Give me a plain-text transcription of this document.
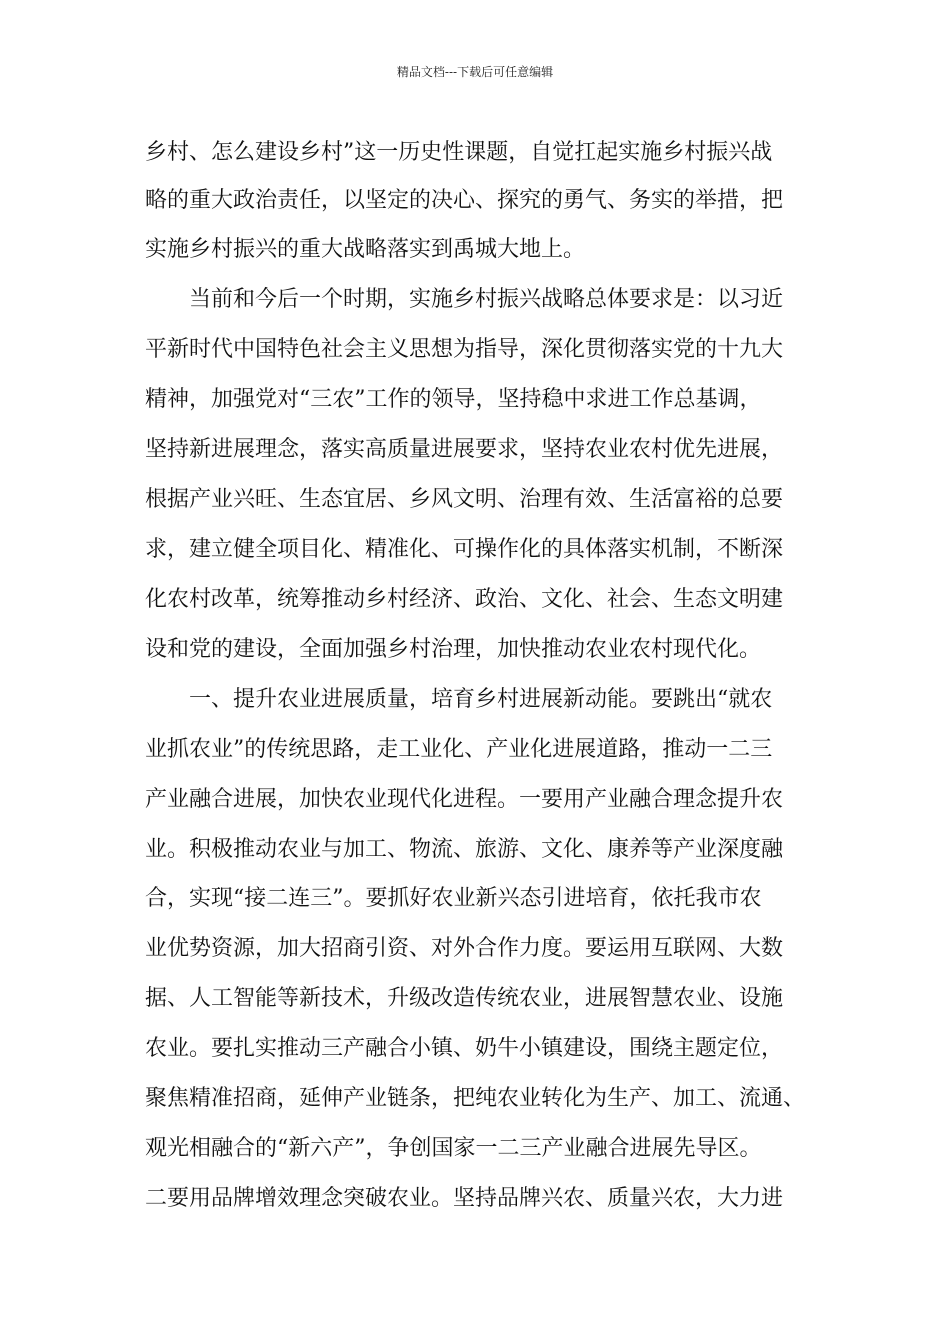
精品文档---下载后可任意编辑

乡村、怎么建设乡村”这一历史性课题，自觉扛起实施乡村振兴战

略的重大政治责任，以坚定的决心、探究的勇气、务实的举措，把

实施乡村振兴的重大战略落实到禹城大地上。

当前和今后一个时期，实施乡村振兴战略总体要求是：以习近

平新时代中国特色社会主义思想为指导，深化贯彻落实党的十九大

精神，加强党对“三农”工作的领导，坚持稳中求进工作总基调，

坚持新进展理念，落实高质量进展要求，坚持农业农村优先进展，

根据产业兴旺、生态宜居、乡风文明、治理有效、生活富裕的总要

求，建立健全项目化、精准化、可操作化的具体落实机制，不断深

化农村改革，统筹推动乡村经济、政治、文化、社会、生态文明建

设和党的建设，全面加强乡村治理，加快推动农业农村现代化。

一、提升农业进展质量，培育乡村进展新动能。要跳出“就农

业抓农业”的传统思路，走工业化、产业化进展道路，推动一二三

产业融合进展，加快农业现代化进程。一要用产业融合理念提升农

业。积极推动农业与加工、物流、旅游、文化、康养等产业深度融

合，实现“接二连三”。要抓好农业新兴态引进培育，依托我市农

业优势资源，加大招商引资、对外合作力度。要运用互联网、大数

据、人工智能等新技术，升级改造传统农业，进展智慧农业、设施

农业。要扎实推动三产融合小镇、奶牛小镇建设，围绕主题定位，

聚焦精准招商，延伸产业链条，把纯农业转化为生产、加工、流通、

观光相融合的“新六产”，争创国家一二三产业融合进展先导区。

二要用品牌增效理念突破农业。坚持品牌兴农、质量兴农，大力进
